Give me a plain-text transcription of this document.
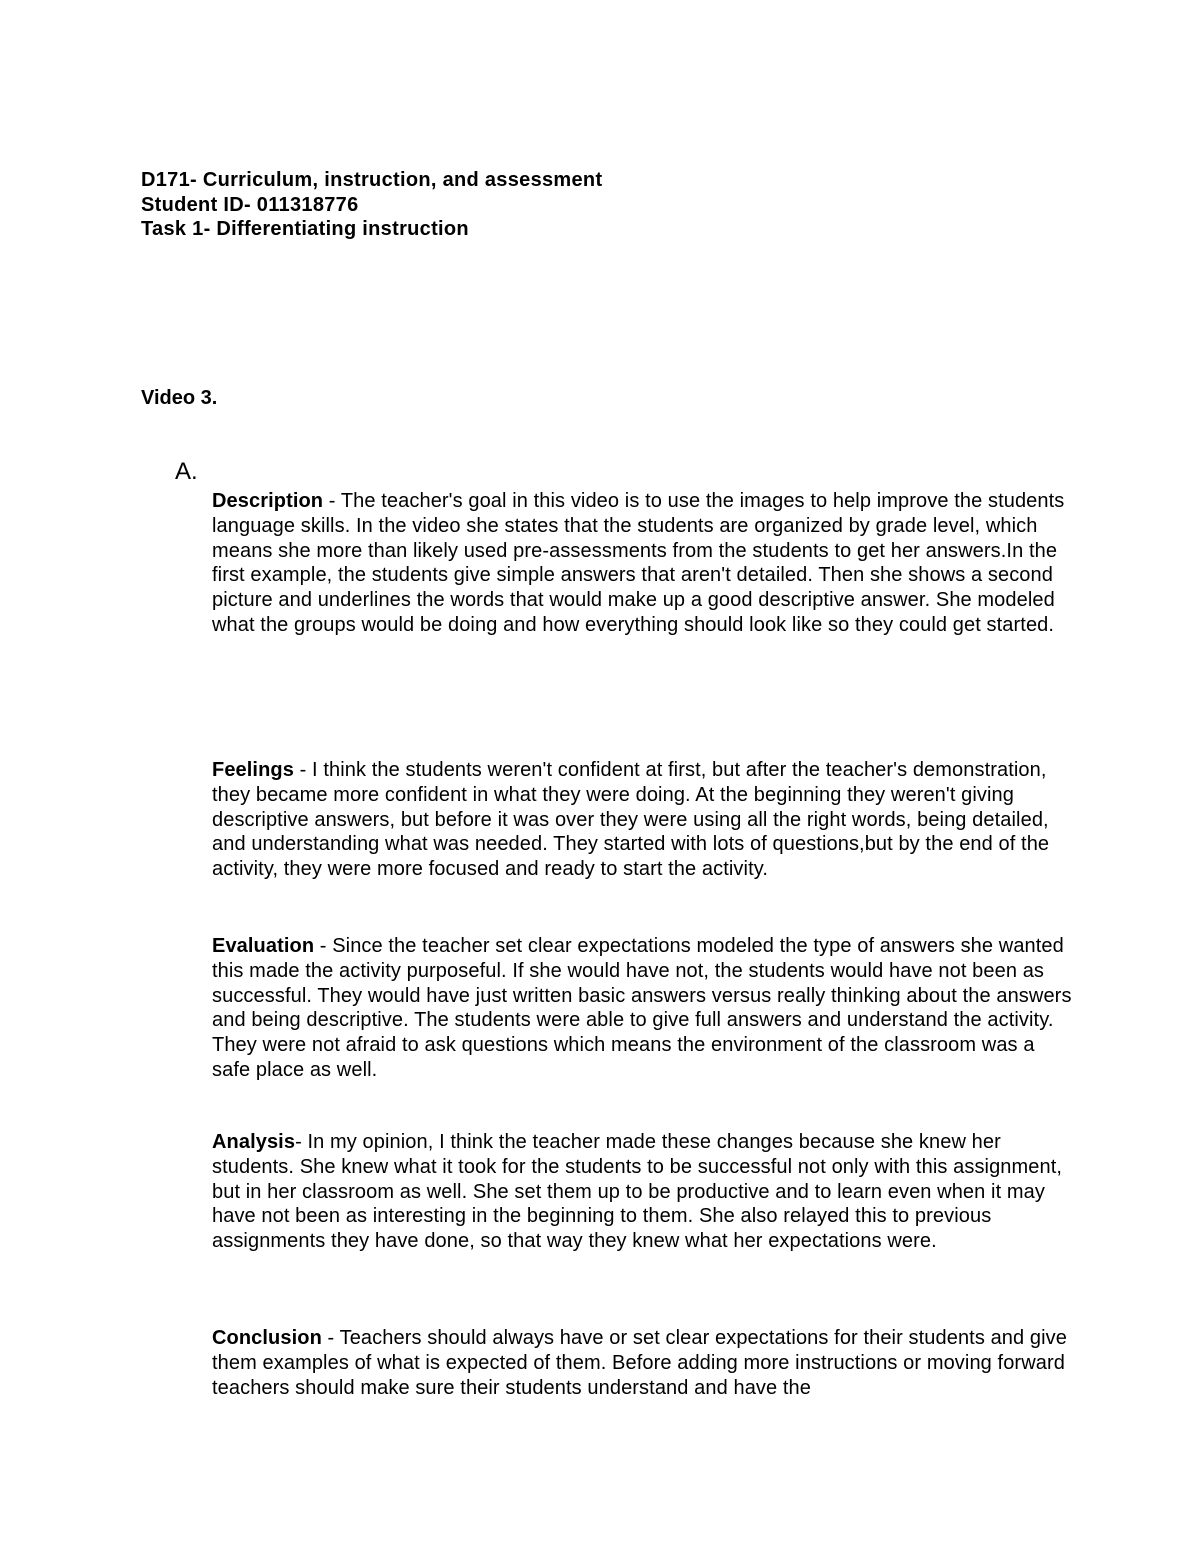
D171- Curriculum, instruction, and assessment
Student ID- 011318776
Task 1- Differentiating instruction
Video 3.
A.
Description - The teacher's goal in this video is to use the images to help improve the students language skills. In the video she states that the students are organized by grade level, which means she more than likely used pre-assessments from the students to get her answers.In the first example, the students give simple answers that aren't detailed. Then she shows a second picture and underlines the words that would make up a good descriptive answer. She modeled what the groups would be doing and how everything should look like so they could get started.
Feelings - I think the students weren't confident at first, but after the teacher's demonstration, they became more confident in what they were doing. At the beginning they weren't giving descriptive answers, but before it was over they were using all the right words, being detailed, and understanding what was needed. They started with lots of questions,but by the end of the activity, they were more focused and ready to start the activity.
Evaluation - Since the teacher set clear expectations modeled the type of answers she wanted this made the activity purposeful. If she would have not, the students would have not been as successful. They would have just written basic answers versus really thinking about the answers and being descriptive. The students were able to give full answers and understand the activity. They were not afraid to ask questions which means the environment of the classroom was a safe place as well.
Analysis- In my opinion, I think the teacher made these changes because she knew her students. She knew what it took for the students to be successful not only with this assignment, but in her classroom as well. She set them up to be productive and to learn even when it may have not been as interesting in the beginning to them. She also relayed this to previous assignments they have done, so that way they knew what her expectations were.
Conclusion - Teachers should always have or set clear expectations for their students and give them examples of what is expected of them. Before adding more instructions or moving forward teachers should make sure their students understand and have the
